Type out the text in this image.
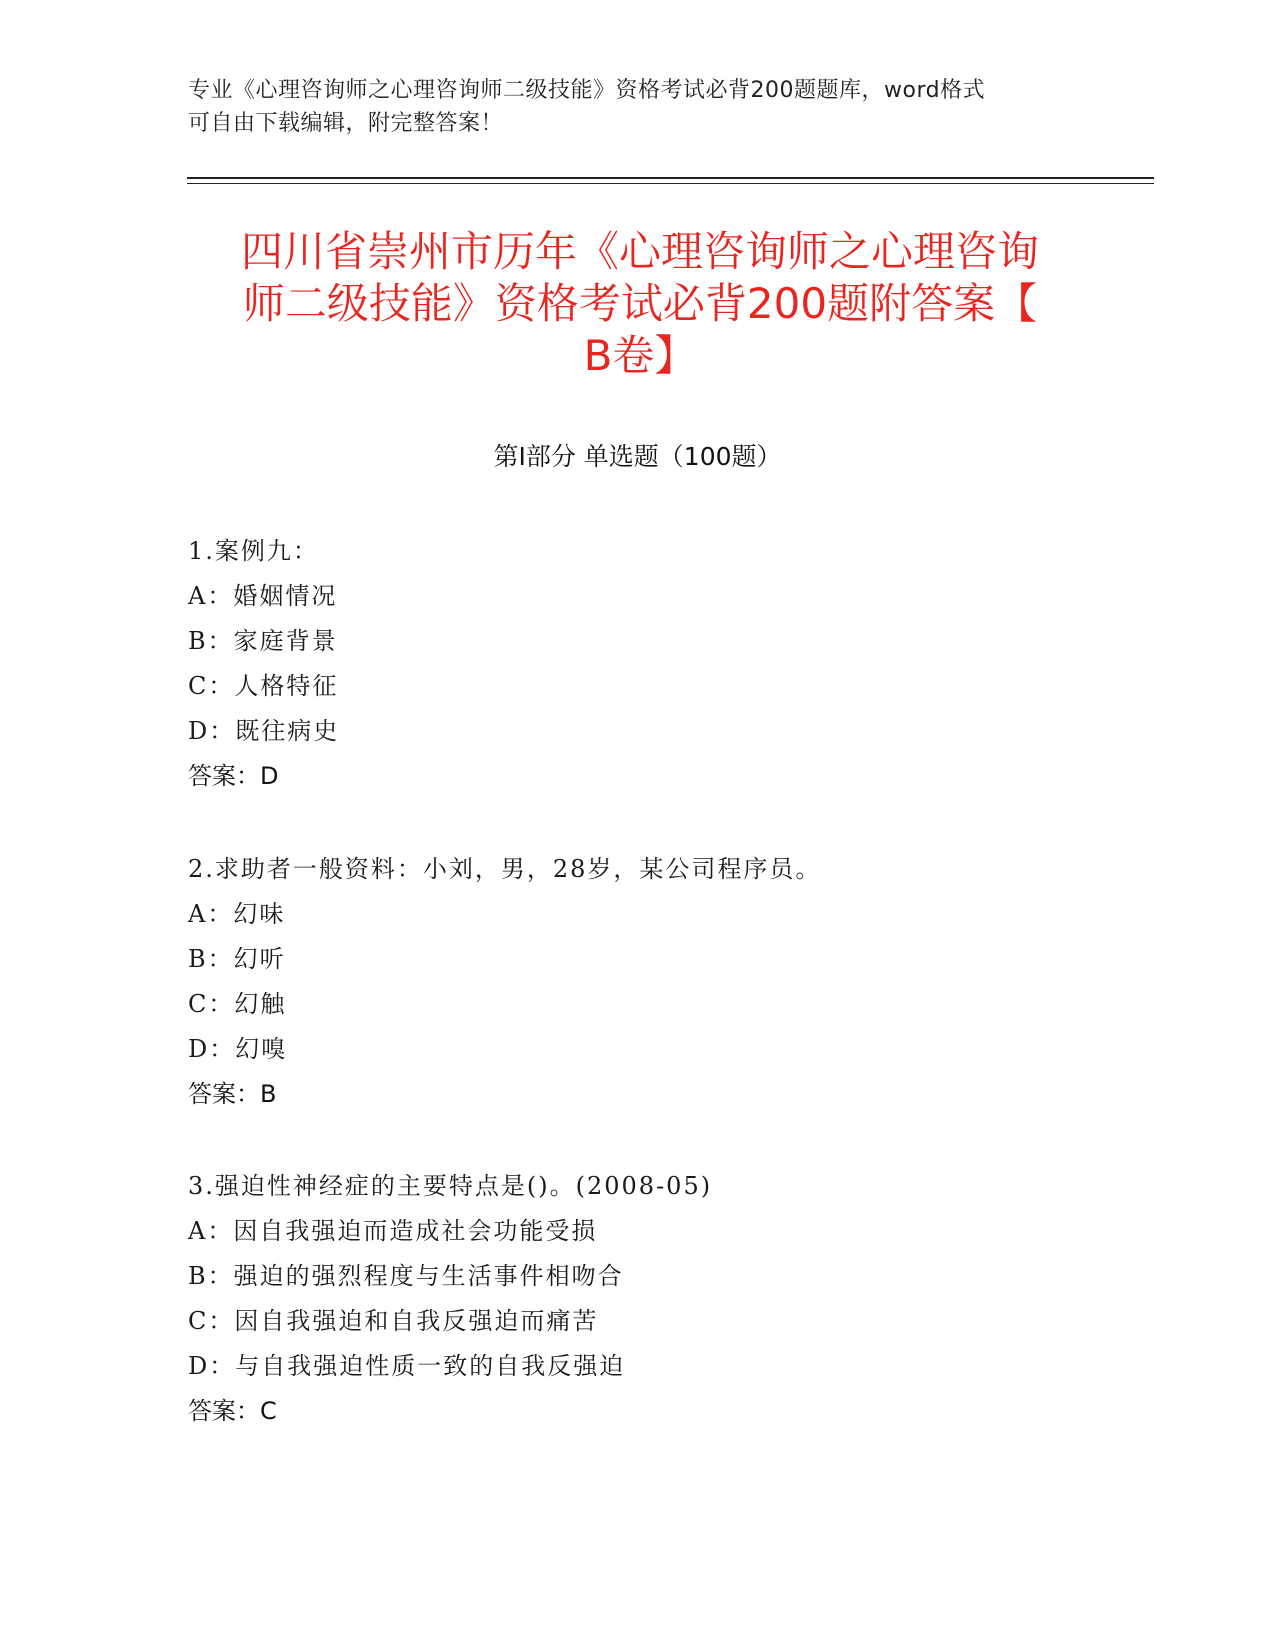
专业《心理咨询师之心理咨询师二级技能》资格考试必背200题题库，word格式
可自由下载编辑，附完整答案！
四川省崇州市历年《心理咨询师之心理咨询
师二级技能》资格考试必背200题附答案【
B卷】
第Ⅰ部分 单选题（100题）
1.案例九：
A：婚姻情况
B：家庭背景
C：人格特征
D：既往病史
答案：D
2.求助者一般资料：小刘，男，28岁，某公司程序员。
A：幻味
B：幻听
C：幻触
D：幻嗅
答案：B
3.强迫性神经症的主要特点是()。(2008-05)
A：因自我强迫而造成社会功能受损
B：强迫的强烈程度与生活事件相吻合
C：因自我强迫和自我反强迫而痛苦
D：与自我强迫性质一致的自我反强迫
答案：C
